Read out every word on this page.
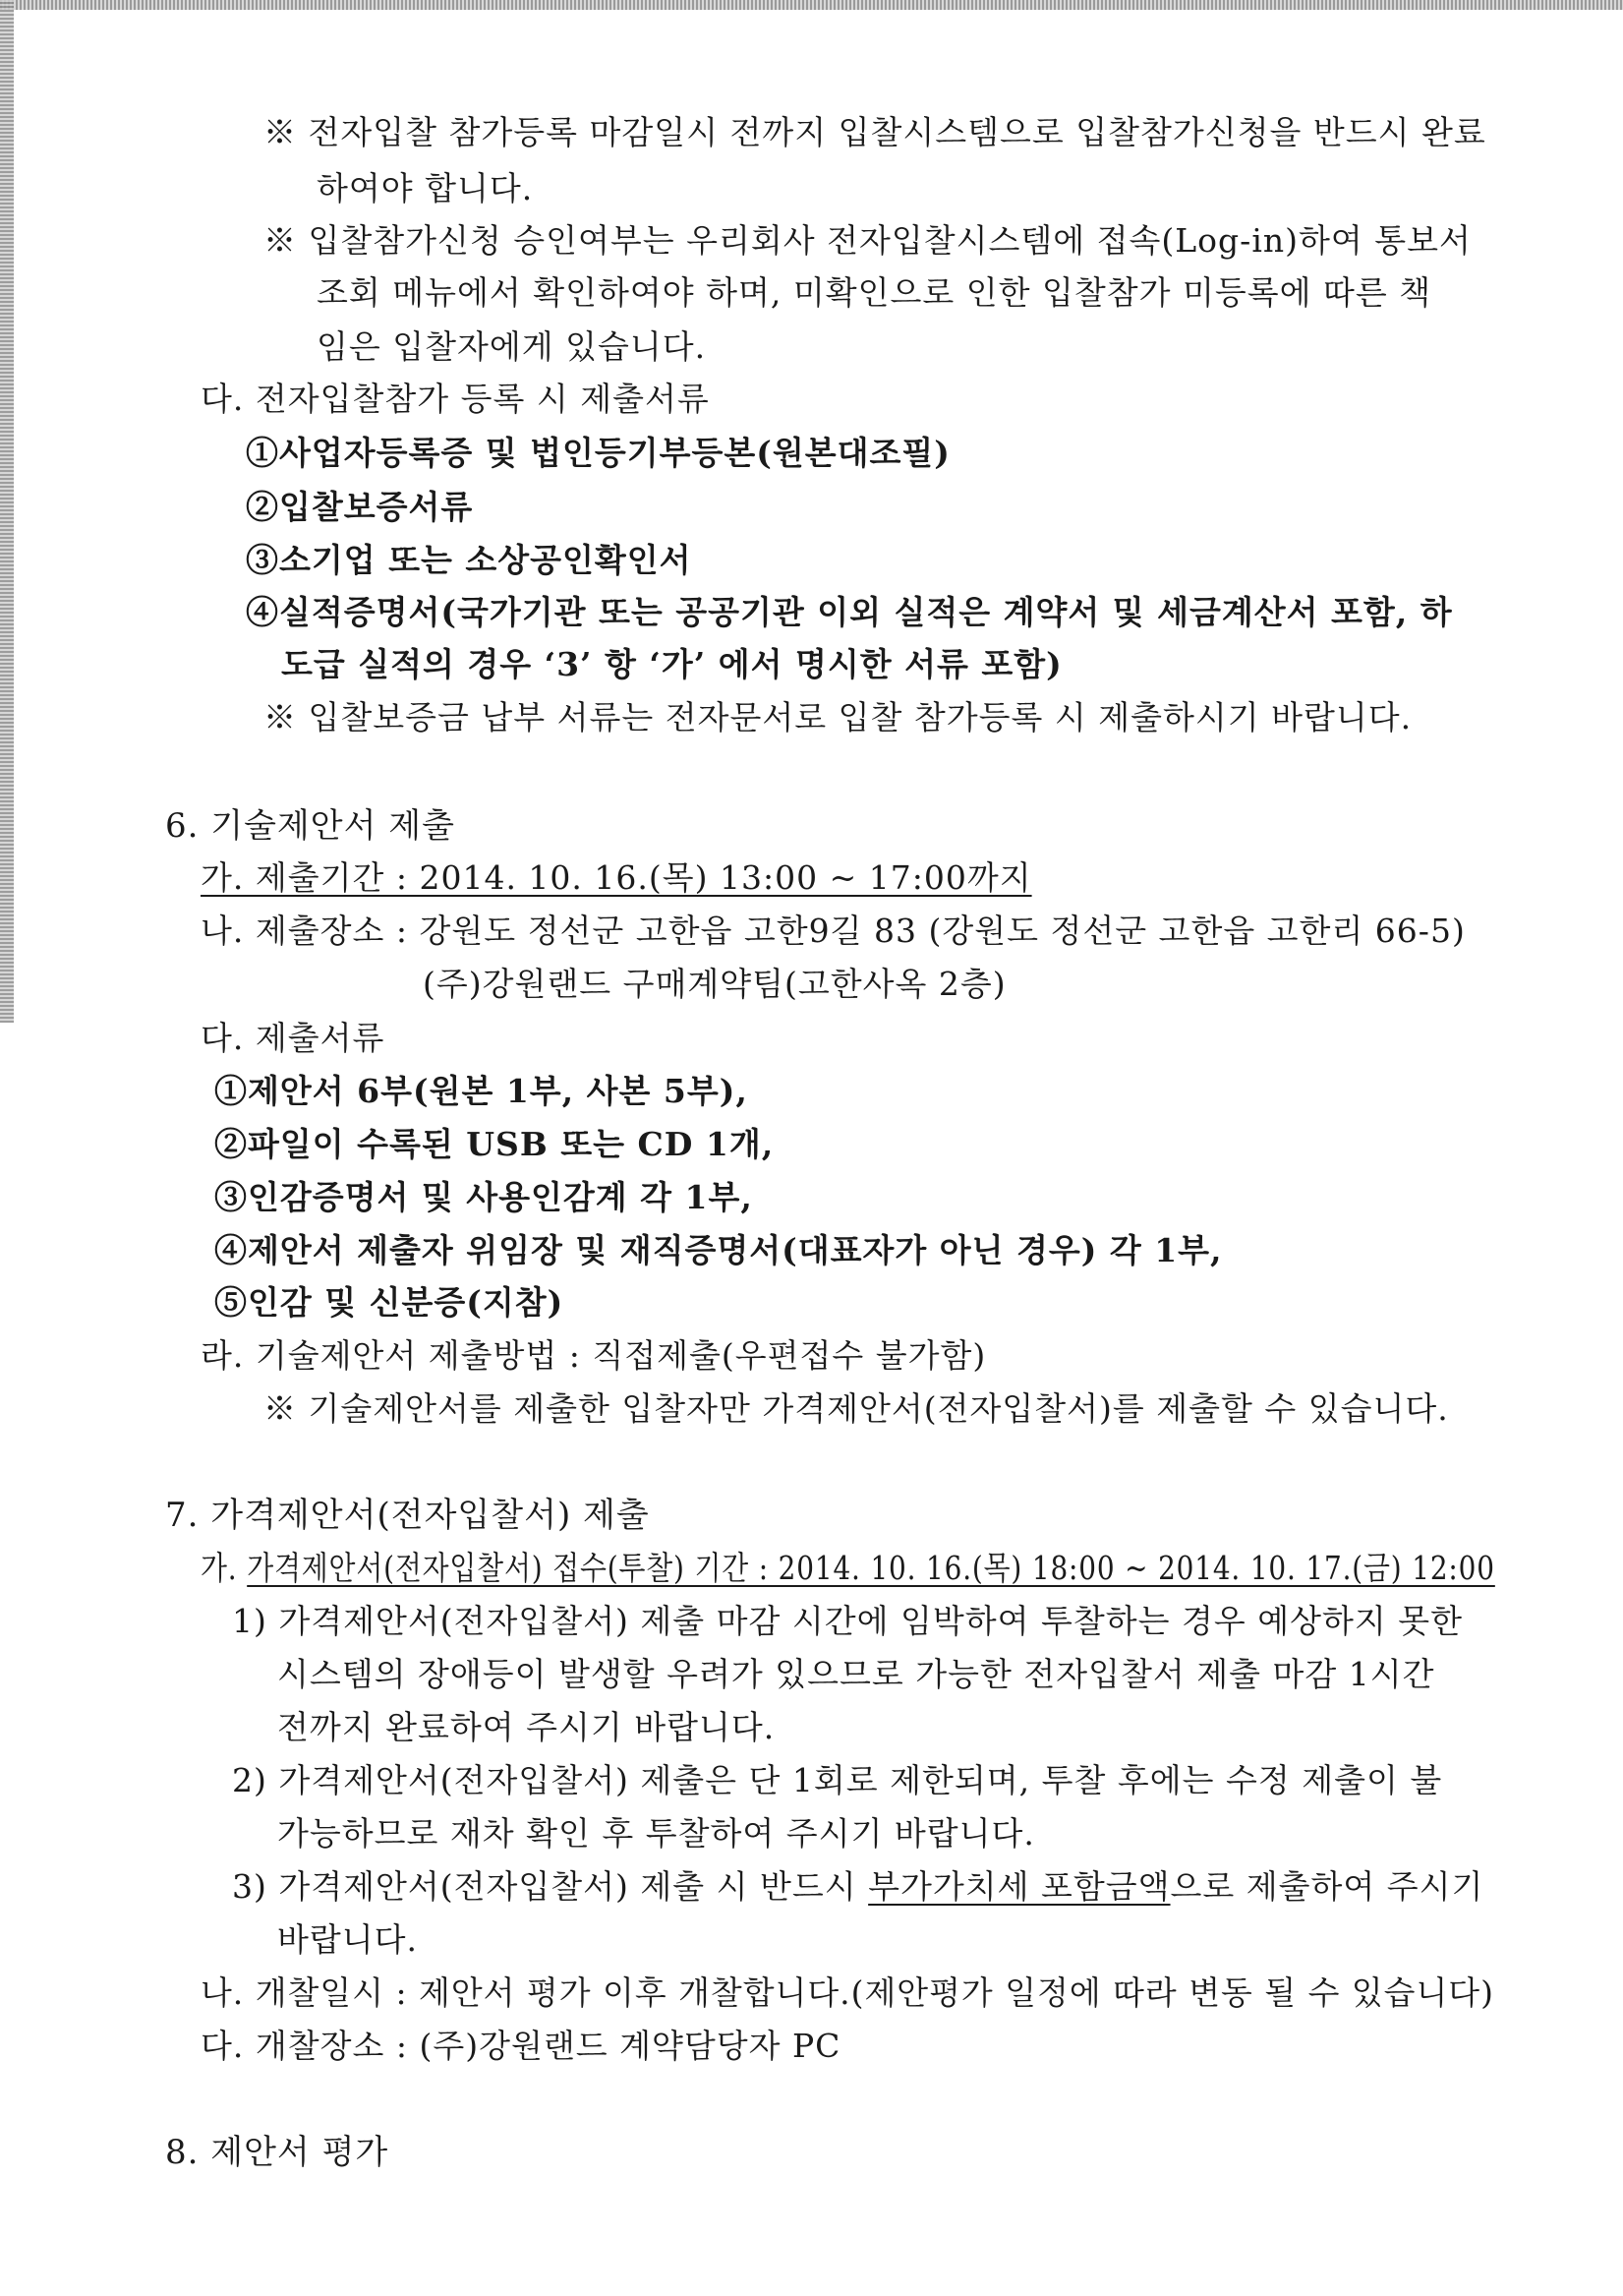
※ 전자입찰 참가등록 마감일시 전까지 입찰시스템으로 입찰참가신청을 반드시 완료
하여야 합니다.
※ 입찰참가신청 승인여부는 우리회사 전자입찰시스템에 접속(Log-in)하여 통보서
조회 메뉴에서 확인하여야 하며, 미확인으로 인한 입찰참가 미등록에 따른 책
임은 입찰자에게 있습니다.
다. 전자입찰참가 등록 시 제출서류
①사업자등록증 및 법인등기부등본(원본대조필)
②입찰보증서류
③소기업 또는 소상공인확인서
④실적증명서(국가기관 또는 공공기관 이외 실적은 계약서 및 세금계산서 포함, 하
도급 실적의 경우 ‘3’ 항 ‘가’ 에서 명시한 서류 포함)
※ 입찰보증금 납부 서류는 전자문서로 입찰 참가등록 시 제출하시기 바랍니다.
6. 기술제안서 제출
가. 제출기간 : 2014. 10. 16.(목) 13:00 ~ 17:00까지
나. 제출장소 : 강원도 정선군 고한읍 고한9길 83 (강원도 정선군 고한읍 고한리 66-5)
(주)강원랜드 구매계약팀(고한사옥 2층)
다. 제출서류
①제안서 6부(원본 1부, 사본 5부),
②파일이 수록된 USB 또는 CD 1개,
③인감증명서 및 사용인감계 각 1부,
④제안서 제출자 위임장 및 재직증명서(대표자가 아닌 경우) 각 1부,
⑤인감 및 신분증(지참)
라. 기술제안서 제출방법 : 직접제출(우편접수 불가함)
※ 기술제안서를 제출한 입찰자만 가격제안서(전자입찰서)를 제출할 수 있습니다.
7. 가격제안서(전자입찰서) 제출
가. 가격제안서(전자입찰서) 접수(투찰) 기간 : 2014. 10. 16.(목) 18:00 ~ 2014. 10. 17.(금) 12:00
1) 가격제안서(전자입찰서) 제출 마감 시간에 임박하여 투찰하는 경우 예상하지 못한
시스템의 장애등이 발생할 우려가 있으므로 가능한 전자입찰서 제출 마감 1시간
전까지 완료하여 주시기 바랍니다.
2) 가격제안서(전자입찰서) 제출은 단 1회로 제한되며, 투찰 후에는 수정 제출이 불
가능하므로 재차 확인 후 투찰하여 주시기 바랍니다.
3) 가격제안서(전자입찰서) 제출 시 반드시 부가가치세 포함금액으로 제출하여 주시기
바랍니다.
나. 개찰일시 : 제안서 평가 이후 개찰합니다.(제안평가 일정에 따라 변동 될 수 있습니다)
다. 개찰장소 : (주)강원랜드 계약담당자 PC
8. 제안서 평가
